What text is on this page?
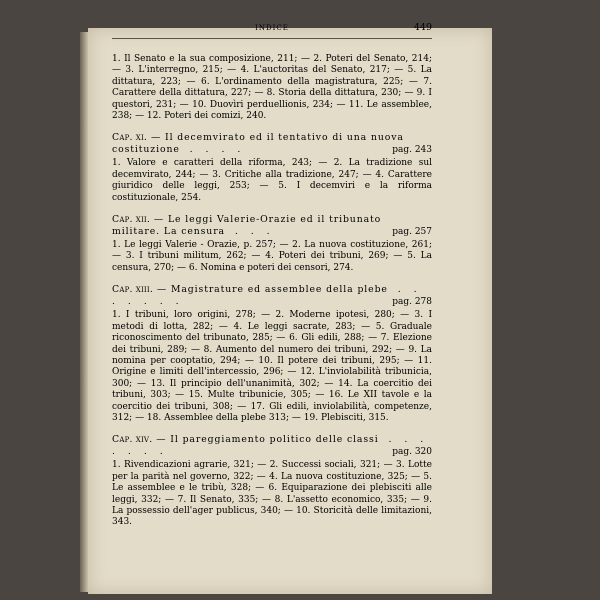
INDICE	449
1. Il Senato e la sua composizione, 211; — 2. Poteri del Senato, 214; — 3. L'interregno, 215; — 4. L'auctoritas del Senato, 217; — 5. La dittatura, 223; — 6. L'ordinamento della magistratura, 225; — 7. Carattere della dittatura, 227; — 8. Storia della dittatura, 230; — 9. I questori, 231; — 10. Duovìri perduellionis, 234; — 11. Le assemblee, 238; — 12. Poteri dei comizi, 240.
Cap. xi. — Il decemvirato ed il tentativo di una nuova costituzione . . . .	pag. 243
1. Valore e caratteri della riforma, 243; — 2. La tradizione sul decemvirato, 244; — 3. Critiche alla tradizione, 247; — 4. Carattere giuridico delle leggi, 253; — 5. I decemviri e la riforma costituzionale, 254.
Cap. xii. — Le leggi Valerie-Orazie ed il tribunato militare. La censura . . .	pag. 257
1. Le leggi Valerie - Orazie, p. 257; — 2. La nuova costituzione, 261; — 3. I tribuni militum, 262; — 4. Poteri dei tribuni, 269; — 5. La censura, 270; — 6. Nomina e poteri dei censori, 274.
Cap. xiii. — Magistrature ed assemblee della plebe . . . . . . .	pag. 278
1. I tribuni, loro origini, 278; — 2. Moderne ipotesi, 280; — 3. I metodi di lotta, 282; — 4. Le leggi sacrate, 283; — 5. Graduale riconoscimento del tribunato, 285; — 6. Gli edili, 288; — 7. Elezione dei tribuni, 289; — 8. Aumento del numero dei tribuni, 292; — 9. La nomina per cooptatio, 294; — 10. Il potere dei tribuni, 295; — 11. Origine e limiti dell'intercessio, 296; — 12. L'inviolabilità tribunicia, 300; — 13. Il principio dell'unanimità, 302; — 14. La coercitio dei tribuni, 303; — 15. Multe tribunicie, 305; — 16. Le XII tavole e la coercitio dei tribuni, 308; — 17. Gli edili, inviolabilità, competenze, 312; — 18. Assemblee della plebe 313; — 19. Plebisciti, 315.
Cap. xiv. — Il pareggiamento politico delle classi . . . . . . .	pag. 320
1. Rivendicazioni agrarie, 321; — 2. Successi sociali, 321; — 3. Lotte per la parità nel governo, 322; — 4. La nuova costituzione, 325; — 5. Le assemblee e le tribù, 328; — 6. Equiparazione dei plebisciti alle leggi, 332; — 7. Il Senato, 335; — 8. L'assetto economico, 335; — 9. La possessio dell'ager publicus, 340; — 10. Storicità delle limitazioni, 343.
